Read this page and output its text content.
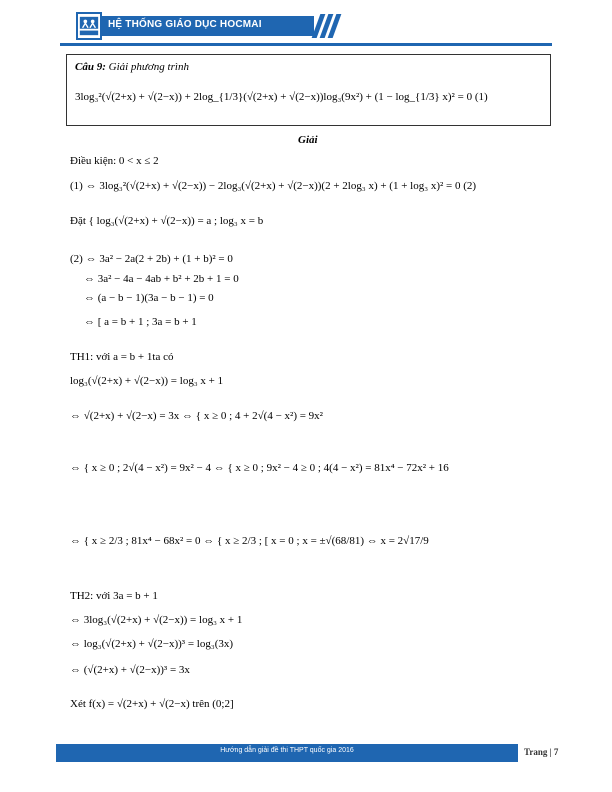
HỆ THỐNG GIÁO DỤC HOCMAI
Câu 9: Giải phương trình
3log₃²(√(2+x) + √(2−x)) + 2log_{1/3}(√(2+x) + √(2−x))log₃(9x²) + (1 − log_{1/3} x)² = 0 (1)
Giải
Điều kiện: 0 < x ≤ 2
(1) ⇔ 3log₃²(√(2+x) + √(2−x)) − 2log₃(√(2+x) + √(2−x))(2 + 2log₃ x) + (1 + log₃ x)² = 0 (2)
Đặt { log₃(√(2+x) + √(2−x)) = a ; log₃ x = b
(2) ⇔ 3a² − 2a(2 + 2b) + (1 + b)² = 0
⇔ 3a² − 4a − 4ab + b² + 2b + 1 = 0
⇔ (a − b − 1)(3a − b − 1) = 0
⇔ [ a = b + 1 ; 3a = b + 1
TH1: với a = b + 1ta có
log₃(√(2+x) + √(2−x)) = log₃ x + 1
⇔ √(2+x) + √(2−x) = 3x ⇔ { x ≥ 0 ; 4 + 2√(4 − x²) = 9x²
⇔ { x ≥ 0 ; 2√(4 − x²) = 9x² − 4 ⇔ { x ≥ 0 ; 9x² − 4 ≥ 0 ; 4(4 − x²) = 81x⁴ − 72x² + 16
⇔ { x ≥ 2/3 ; 81x⁴ − 68x² = 0 ⇔ { x ≥ 2/3 ; [ x = 0 ; x = ±√(68/81) ⇔ x = 2√17/9
TH2: với 3a = b + 1
⇔ 3log₃(√(2+x) + √(2−x)) = log₃ x + 1
⇔ log₃(√(2+x) + √(2−x))³ = log₃(3x)
⇔ (√(2+x) + √(2−x))³ = 3x
Xét f(x) = √(2+x) + √(2−x) trên (0;2]
Hướng dẫn giải đề thi THPT quốc gia 2016	Trang | 7
